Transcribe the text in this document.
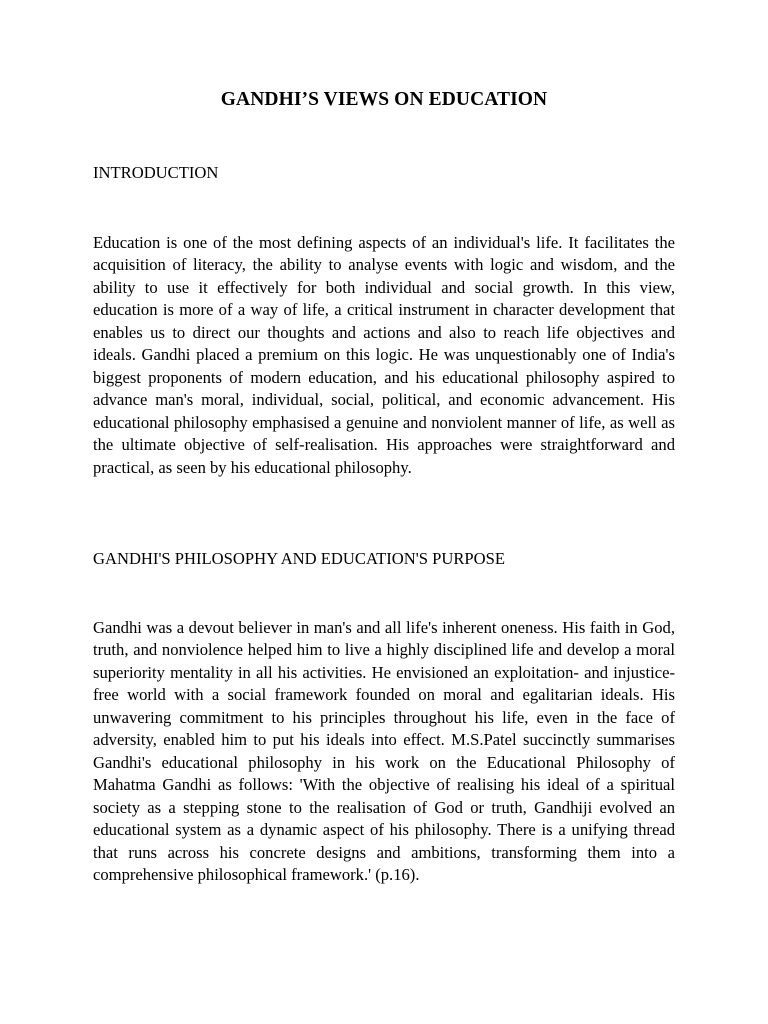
GANDHI’S VIEWS ON EDUCATION
INTRODUCTION

Education is one of the most defining aspects of an individual's life. It facilitates the acquisition of literacy, the ability to analyse events with logic and wisdom, and the ability to use it effectively for both individual and social growth. In this view, education is more of a way of life, a critical instrument in character development that enables us to direct our thoughts and actions and also to reach life objectives and ideals. Gandhi placed a premium on this logic. He was unquestionably one of India's biggest proponents of modern education, and his educational philosophy aspired to advance man's moral, individual, social, political, and economic advancement. His educational philosophy emphasised a genuine and nonviolent manner of life, as well as the ultimate objective of self-realisation. His approaches were straightforward and practical, as seen by his educational philosophy.

GANDHI'S PHILOSOPHY AND EDUCATION'S PURPOSE

Gandhi was a devout believer in man's and all life's inherent oneness. His faith in God, truth, and nonviolence helped him to live a highly disciplined life and develop a moral superiority mentality in all his activities. He envisioned an exploitation- and injustice-free world with a social framework founded on moral and egalitarian ideals. His unwavering commitment to his principles throughout his life, even in the face of adversity, enabled him to put his ideals into effect. M.S.Patel succinctly summarises Gandhi's educational philosophy in his work on the Educational Philosophy of Mahatma Gandhi as follows: 'With the objective of realising his ideal of a spiritual society as a stepping stone to the realisation of God or truth, Gandhiji evolved an educational system as a dynamic aspect of his philosophy. There is a unifying thread that runs across his concrete designs and ambitions, transforming them into a comprehensive philosophical framework.' (p.16).
